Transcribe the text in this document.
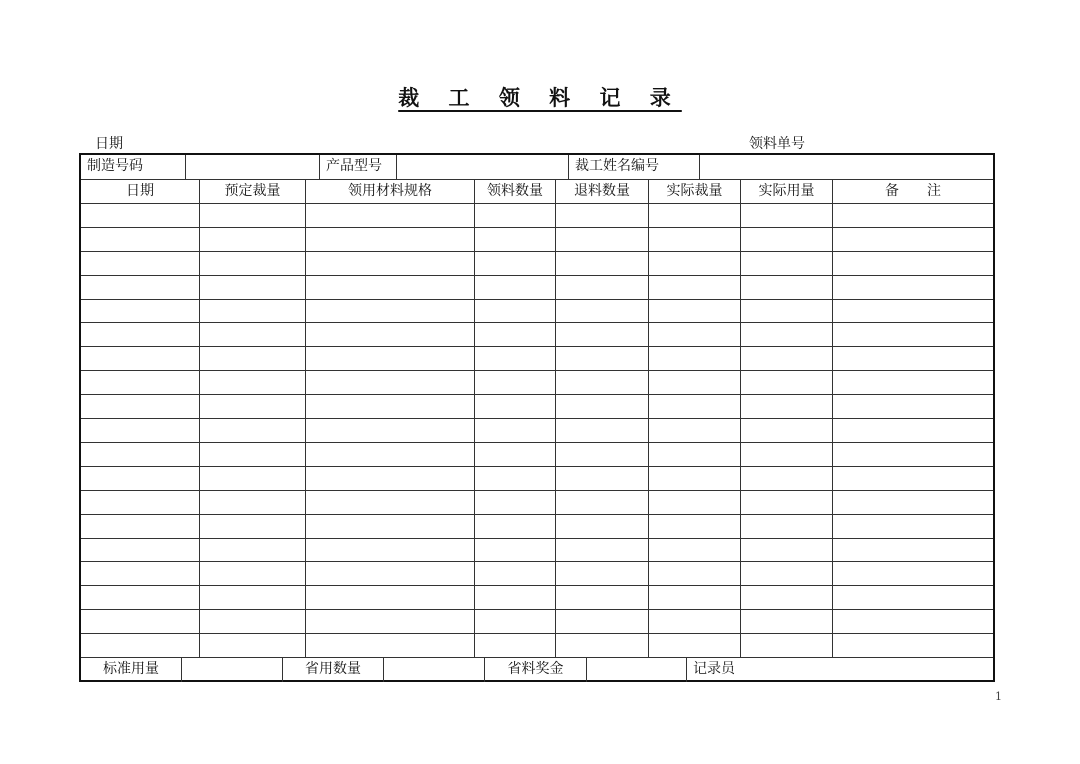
裁 工 领 料 记 录
日期	领料单号
制造号码	产品型号	裁工姓名编号
日期	预定裁量	领用材料规格	领料数量	退料数量	实际裁量	实际用量	备　　注
标准用量	省用数量	省料奖金	记录员
1
